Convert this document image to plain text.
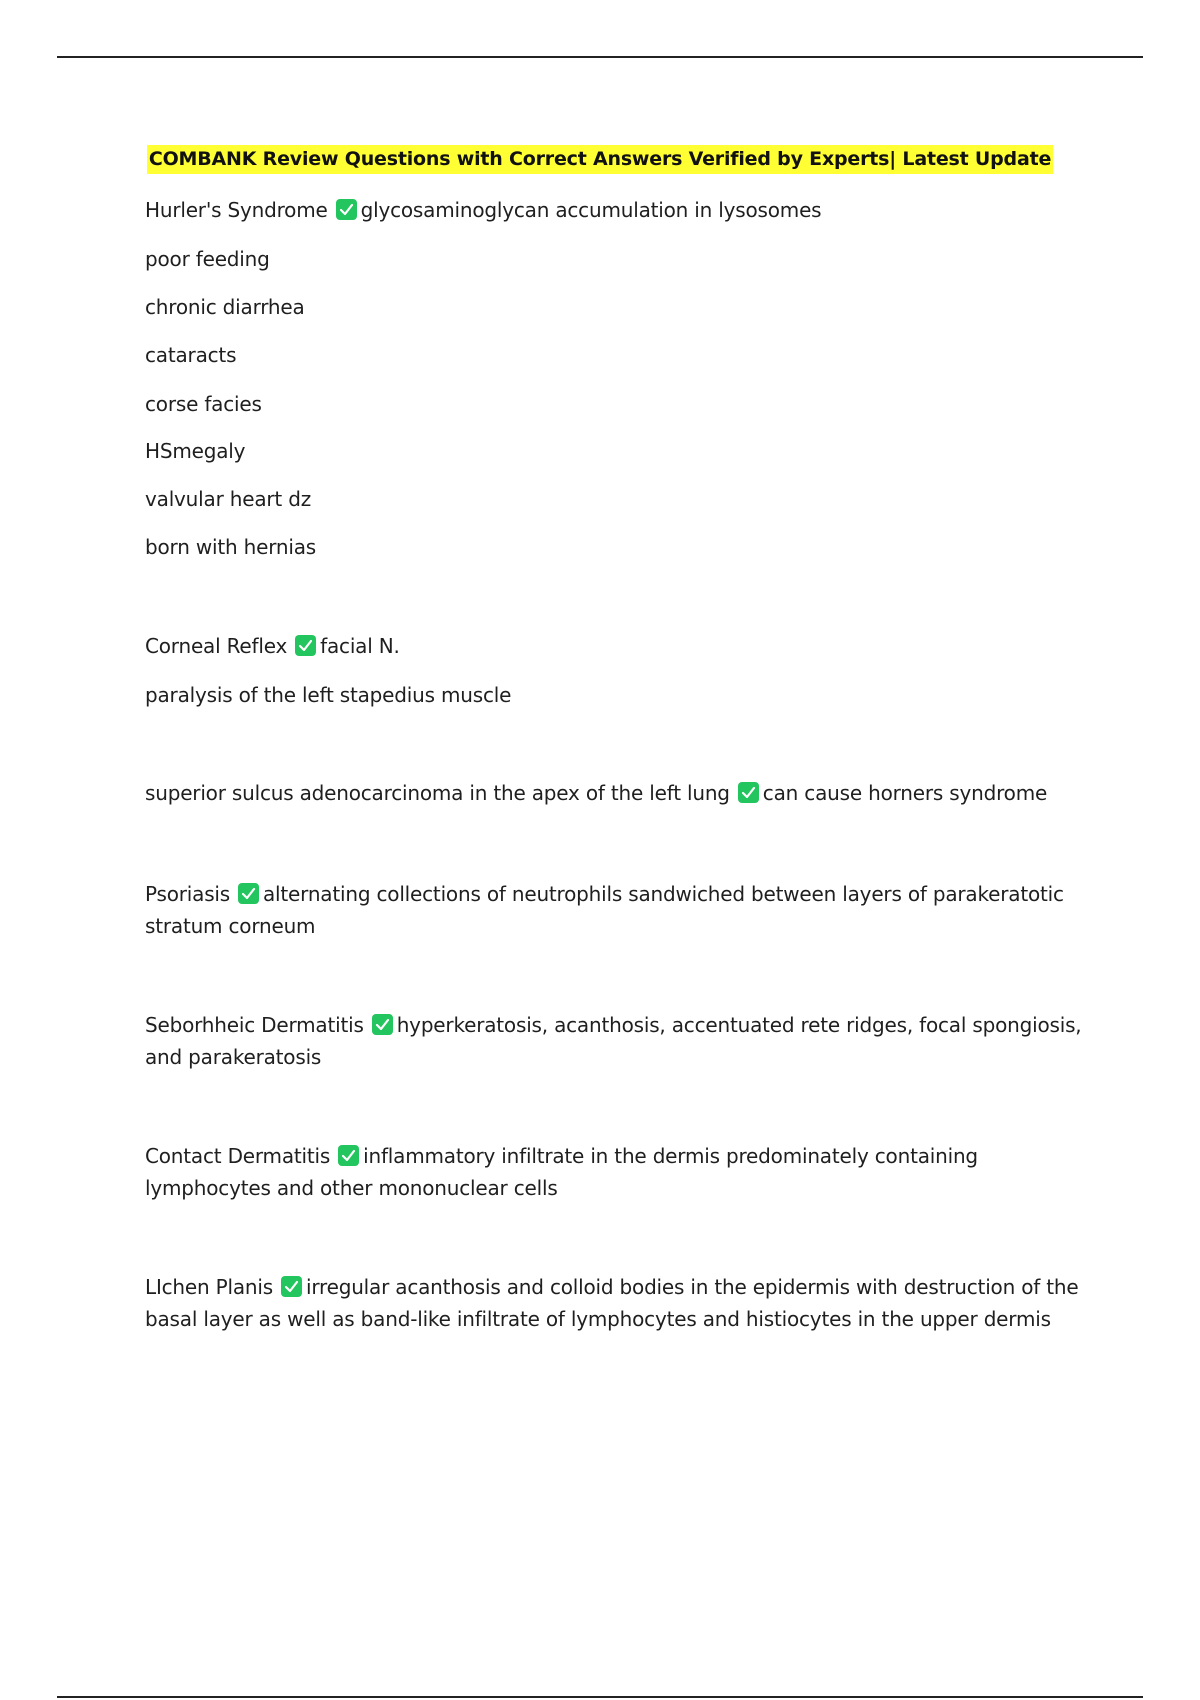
COMBANK Review Questions with Correct Answers Verified by Experts| Latest Update
Hurler's Syndrome glycosaminoglycan accumulation in lysosomes
poor feeding
chronic diarrhea
cataracts
corse facies
HSmegaly
valvular heart dz
born with hernias
Corneal Reflex facial N.
paralysis of the left stapedius muscle
superior sulcus adenocarcinoma in the apex of the left lung can cause horners syndrome
Psoriasis alternating collections of neutrophils sandwiched between layers of parakeratotic stratum corneum
Seborhheic Dermatitis hyperkeratosis, acanthosis, accentuated rete ridges, focal spongiosis, and parakeratosis
Contact Dermatitis inflammatory infiltrate in the dermis predominately containing lymphocytes and other mononuclear cells
LIchen Planis irregular acanthosis and colloid bodies in the epidermis with destruction of the basal layer as well as band-like infiltrate of lymphocytes and histiocytes in the upper dermis
